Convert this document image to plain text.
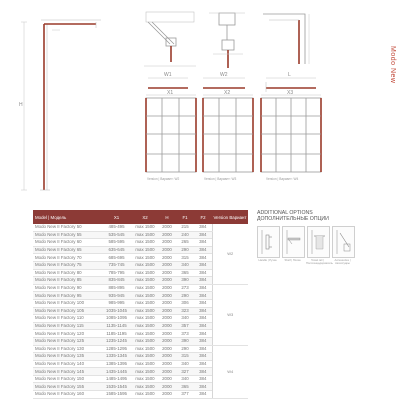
H
W1	W2	L
X1
Version | Вариант: W2
X2
Version | Вариант: W3
X3
Version | Вариант: W4
Modo New
Model | Модель	X1	X2	H	F1	F2	Version Вариант
Modo New II Factory 50	485-495	max 1500	2000	215	384	W2
Modo New II Factory 55	535-545	max 1500	2000	240	384	
Modo New II Factory 60	585-595	max 1500	2000	265	384	
Modo New II Factory 65	635-645	max 1500	2000	290	384	
Modo New II Factory 70	685-695	max 1500	2000	315	384	
Modo New II Factory 75	735-745	max 1500	2000	340	384	
Modo New II Factory 80	785-795	max 1500	2000	365	384	
Modo New II Factory 85	835-845	max 1500	2000	390	384	
Modo New II Factory 90	885-895	max 1500	2000	273	384	W3
Modo New II Factory 95	935-945	max 1500	2000	290	384	
Modo New II Factory 100	985-995	max 1500	2000	306	384	
Modo New II Factory 105	1035-1045	max 1500	2000	323	384	
Modo New II Factory 110	1085-1095	max 1500	2000	340	384	
Modo New II Factory 115	1135-1145	max 1500	2000	357	384	
Modo New II Factory 120	1185-1195	max 1500	2000	373	384	
Modo New II Factory 125	1235-1245	max 1500	2000	390	384	
Modo New II Factory 130	1285-1295	max 1500	2000	290	384	W4
Modo New II Factory 135	1335-1345	max 1500	2000	315	384	
Modo New II Factory 140	1385-1395	max 1500	2000	340	384	
Modo New II Factory 145	1435-1445	max 1500	2000	327	384	
Modo New II Factory 150	1485-1495	max 1500	2000	340	384	
Modo New II Factory 155	1535-1545	max 1500	2000	365	384	
Modo New II Factory 160	1585-1595	max 1500	2000	377	384	
ADDITIONAL OPTIONS
ДОПОЛНИТЕЛЬНЫЕ ОПЦИИ
Handle | Ручка	Shelf | Полка	Towel rail | Полотенцедержатель
Accessories | Аксессуары
